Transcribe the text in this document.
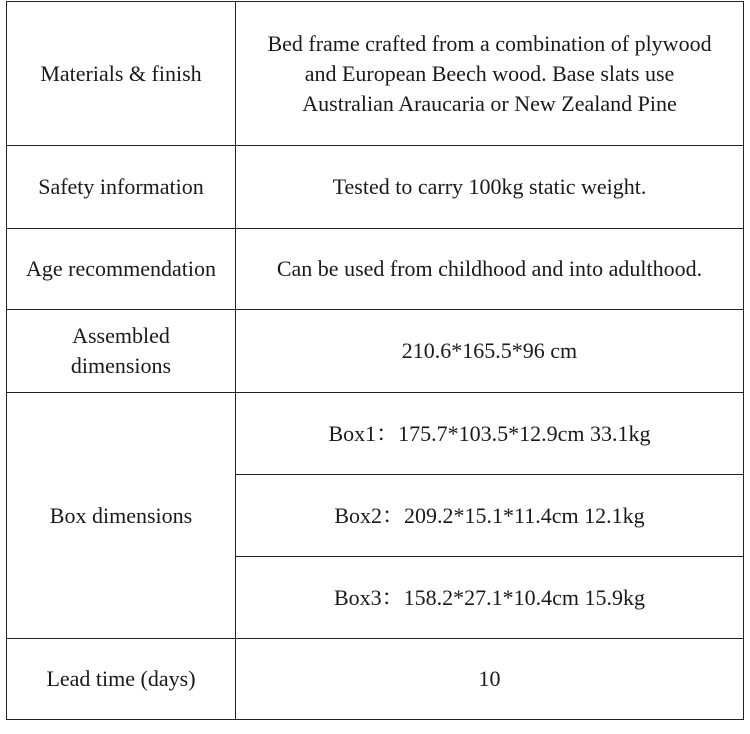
Materials & finish	Bed frame crafted from a combination of plywood
and European Beech wood. Base slats use
Australian Araucaria or New Zealand Pine

Safety information	Tested to carry 100kg static weight.
Age recommendation	Can be used from childhood and into adulthood.

Assembled
dimensions	210.6*165.5*96 cm
Box dimensions	Box1：175.7*103.5*12.9cm 33.1kg
	Box2：209.2*15.1*11.4cm 12.1kg
	Box3：158.2*27.1*10.4cm 15.9kg
Lead time (days)	10
